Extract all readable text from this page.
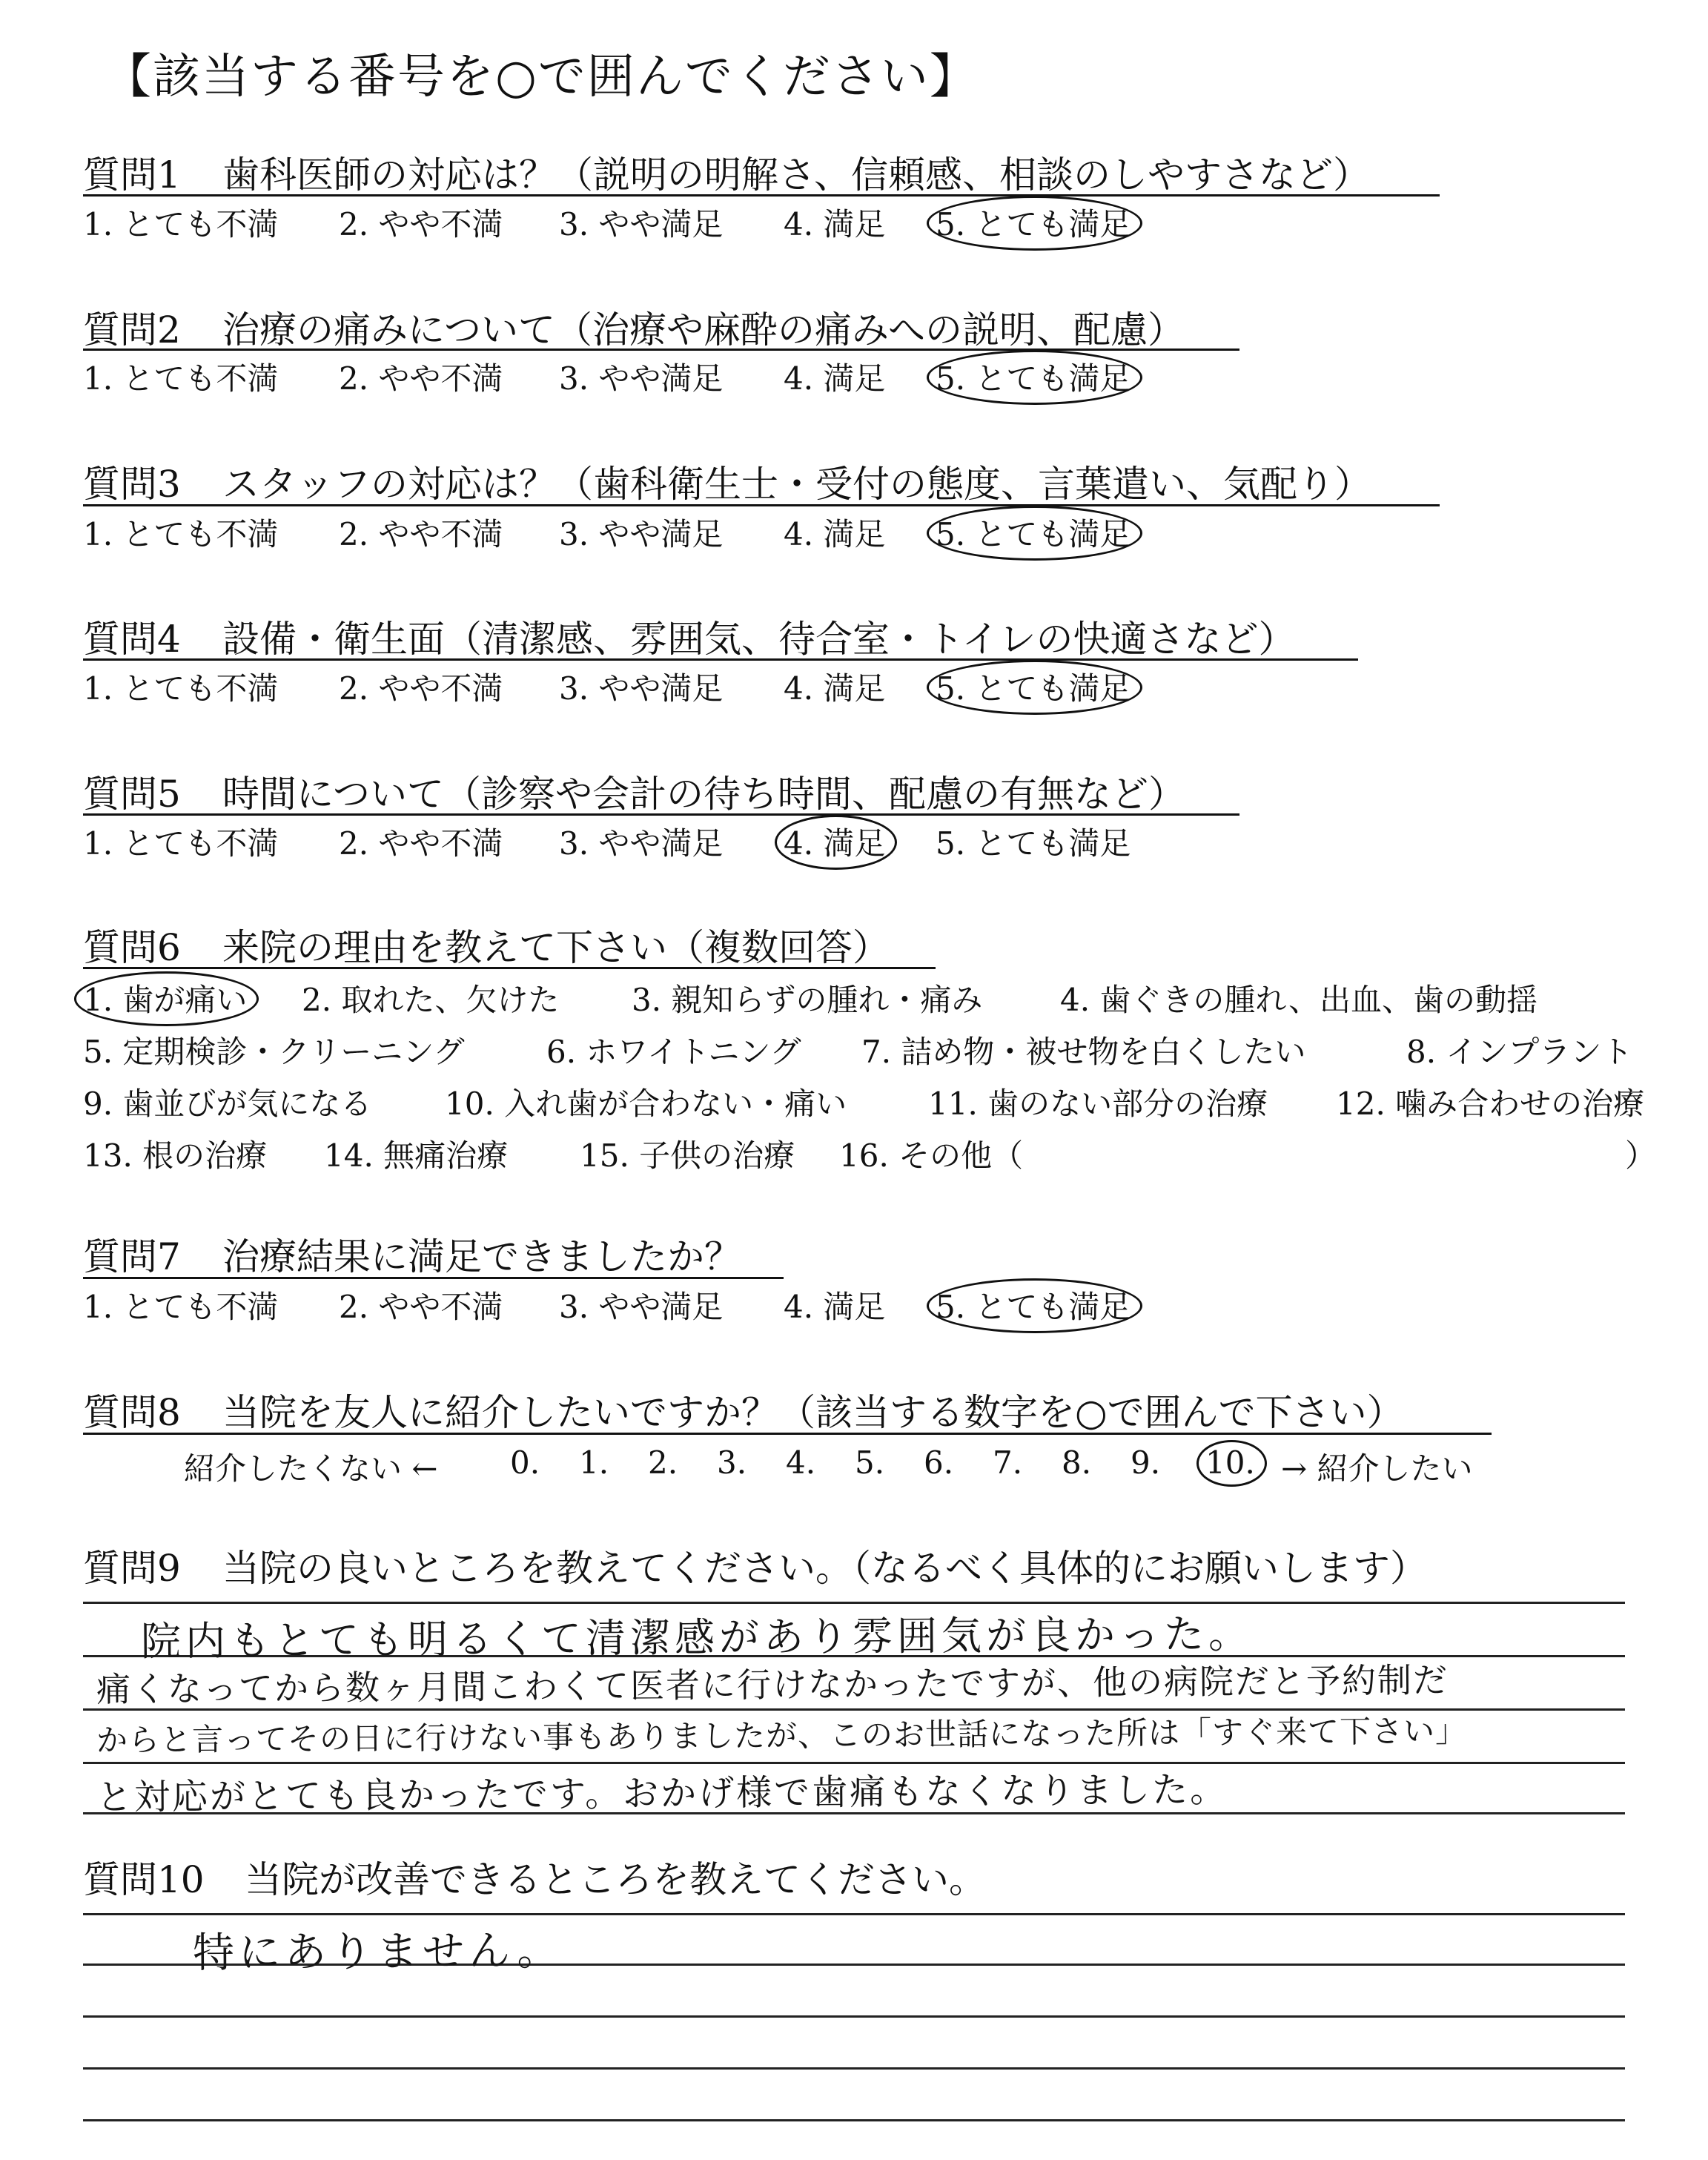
【該当する番号を○で囲んでください】
質問1 歯科医師の対応は？（説明の明解さ、信頼感、相談のしやすさなど）
1. とても不満 2. やや不満 3. やや満足 4. 満足 5. とても満足
質問2 治療の痛みについて（治療や麻酔の痛みへの説明、配慮）
1. とても不満 2. やや不満 3. やや満足 4. 満足 5. とても満足
質問3 スタッフの対応は？（歯科衛生士・受付の態度、言葉遣い、気配り）
1. とても不満 2. やや不満 3. やや満足 4. 満足 5. とても満足
質問4 設備・衛生面（清潔感、雰囲気、待合室・トイレの快適さなど）
1. とても不満 2. やや不満 3. やや満足 4. 満足 5. とても満足
質問5 時間について（診察や会計の待ち時間、配慮の有無など）
1. とても不満 2. やや不満 3. やや満足 4. 満足 5. とても満足
質問6 来院の理由を教えて下さい（複数回答）
1. 歯が痛い 2. 取れた、欠けた 3. 親知らずの腫れ・痛み 4. 歯ぐきの腫れ、出血、歯の動揺
5. 定期検診・クリーニング	6. ホワイトニング 7. 詰め物・被せ物を白くしたい	8. インプラント
9. 歯並びが気になる 10. 入れ歯が合わない・痛い	11. 歯のない部分の治療 12. 噛み合わせの治療
13. 根の治療 14. 無痛治療 15. 子供の治療 16. その他（	）
質問7 治療結果に満足できましたか？
1. とても不満 2. やや不満 3. やや満足 4. 満足 5. とても満足
質問8 当院を友人に紹介したいですか？（該当する数字を○で囲んで下さい）
紹介したくない ← 0. 1. 2. 3. 4. 5. 6. 7. 8. 9. 10. → 紹介したい
質問9 当院の良いところを教えてください。（なるべく具体的にお願いします）
院内もとても明るくて清潔感があり雰囲気が良かった。
痛くなってから数ヶ月間こわくて医者に行けなかったですが、他の病院だと予約制だ
からと言ってその日に行けない事もありましたが、このお世話になった所は「すぐ来て下さい」
と対応がとても良かったです。おかげ様で歯痛もなくなりました。
質問10 当院が改善できるところを教えてください。
特にありません。
